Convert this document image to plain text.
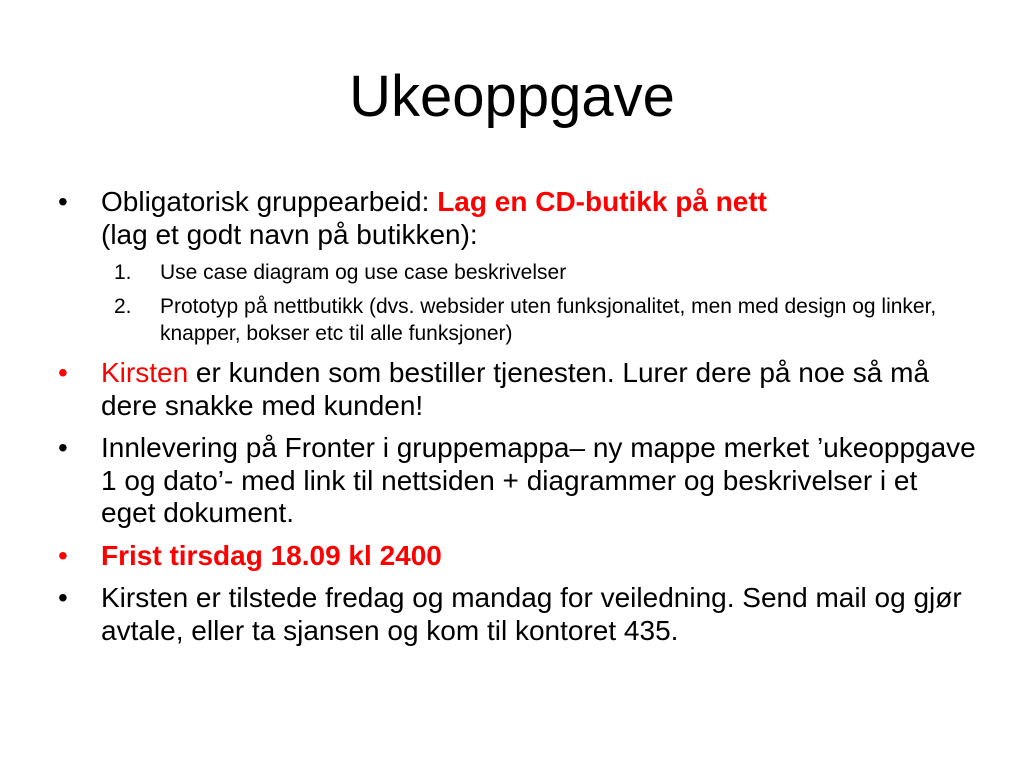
Ukeoppgave
• Obligatorisk gruppearbeid: Lag en CD-butikk på nett
(lag et godt navn på butikken):
1. Use case diagram og use case beskrivelser
2. Prototyp på nettbutikk (dvs. websider uten funksjonalitet, men med design og linker, knapper, bokser etc til alle funksjoner)
• Kirsten er kunden som bestiller tjenesten. Lurer dere på noe så må dere snakke med kunden!
• Innlevering på Fronter i gruppemappa– ny mappe merket ’ukeoppgave 1 og dato’- med link til nettsiden + diagrammer og beskrivelser i et eget dokument.
• Frist tirsdag 18.09 kl 2400
• Kirsten er tilstede fredag og mandag for veiledning. Send mail og gjør avtale, eller ta sjansen og kom til kontoret 435.
